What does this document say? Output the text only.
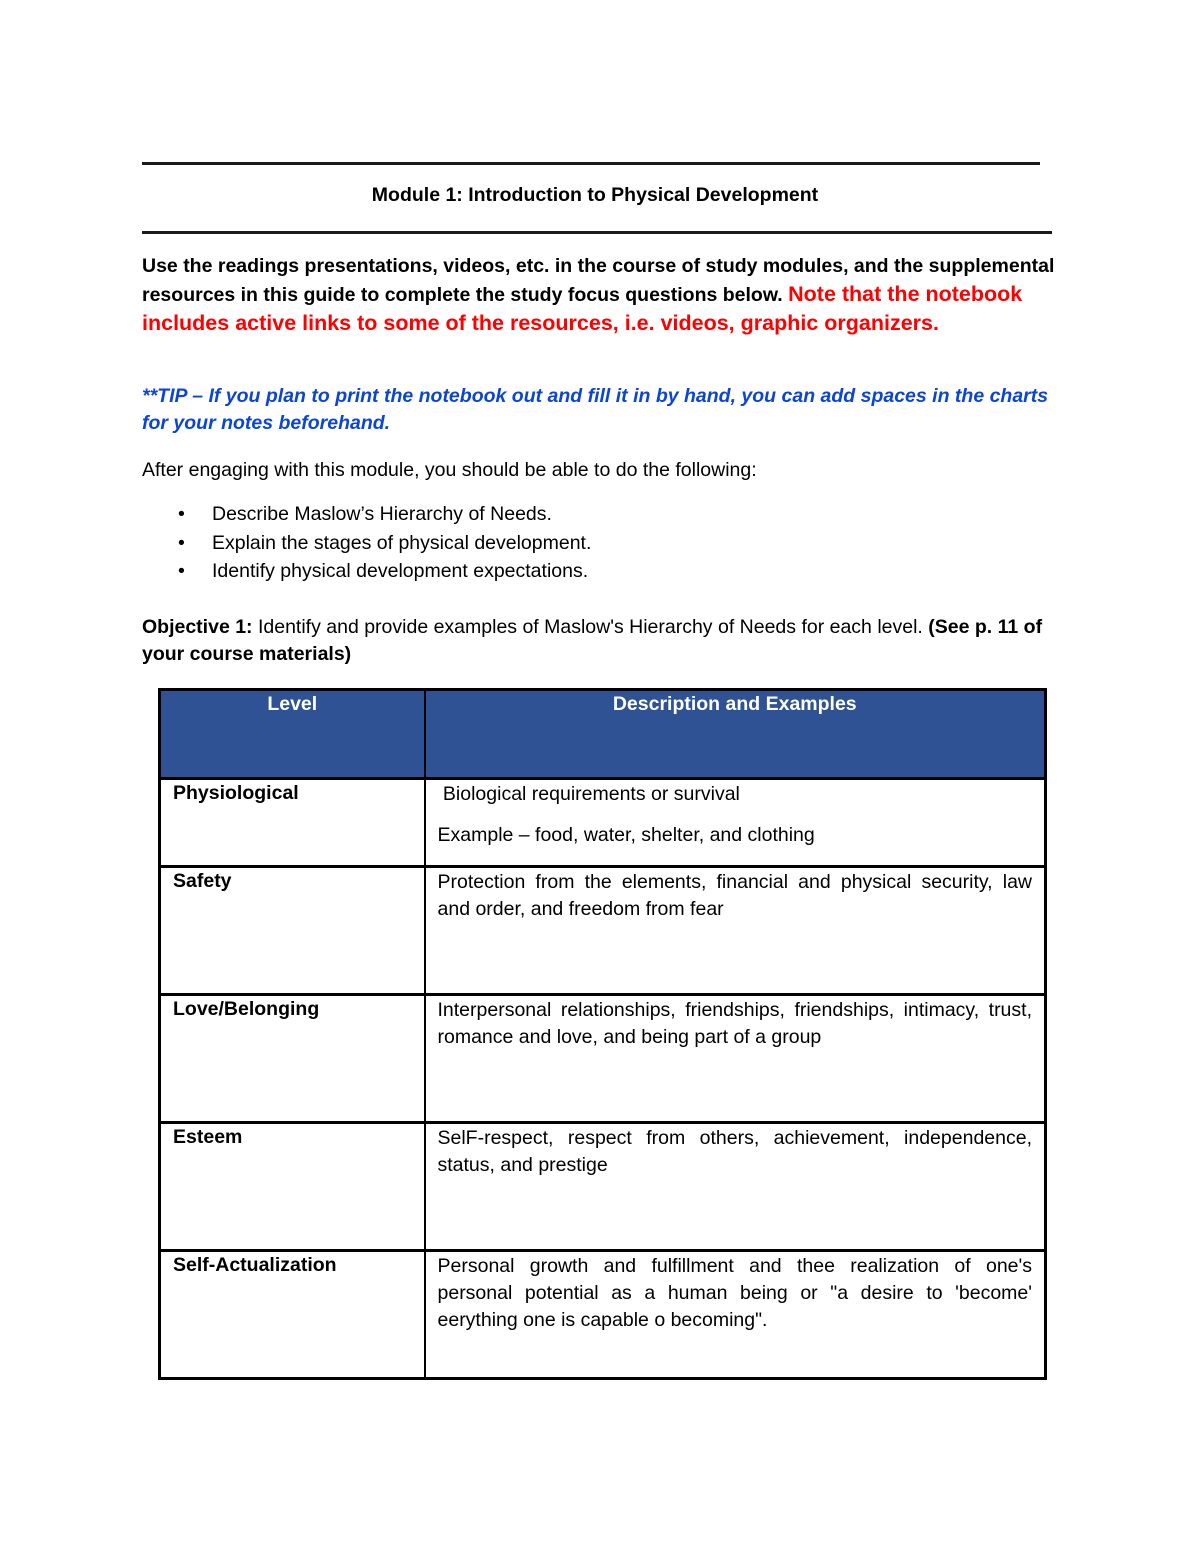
Module 1: Introduction to Physical Development
Use the readings presentations, videos, etc. in the course of study modules, and the supplemental resources in this guide to complete the study focus questions below. Note that the notebook includes active links to some of the resources, i.e. videos, graphic organizers.
**TIP – If you plan to print the notebook out and fill it in by hand, you can add spaces in the charts for your notes beforehand.
After engaging with this module, you should be able to do the following:
• Describe Maslow’s Hierarchy of Needs.
• Explain the stages of physical development.
• Identify physical development expectations.
Objective 1: Identify and provide examples of Maslow's Hierarchy of Needs for each level. (See p. 11 of your course materials)
Level	Description and Examples
Physiological	Biological requirements or survival

Example – food, water, shelter, and clothing

Safety	Protection from the elements, financial and physical security, law and order, and freedom from fear
Love/Belonging	Interpersonal relationships, friendships, friendships, intimacy, trust, romance and love, and being part of a group
Esteem	SelF-respect, respect from others, achievement, independence, status, and prestige
Self-Actualization	Personal growth and fulfillment and thee realization of one's personal potential as a human being or "a desire to 'become' eerything one is capable o becoming".
